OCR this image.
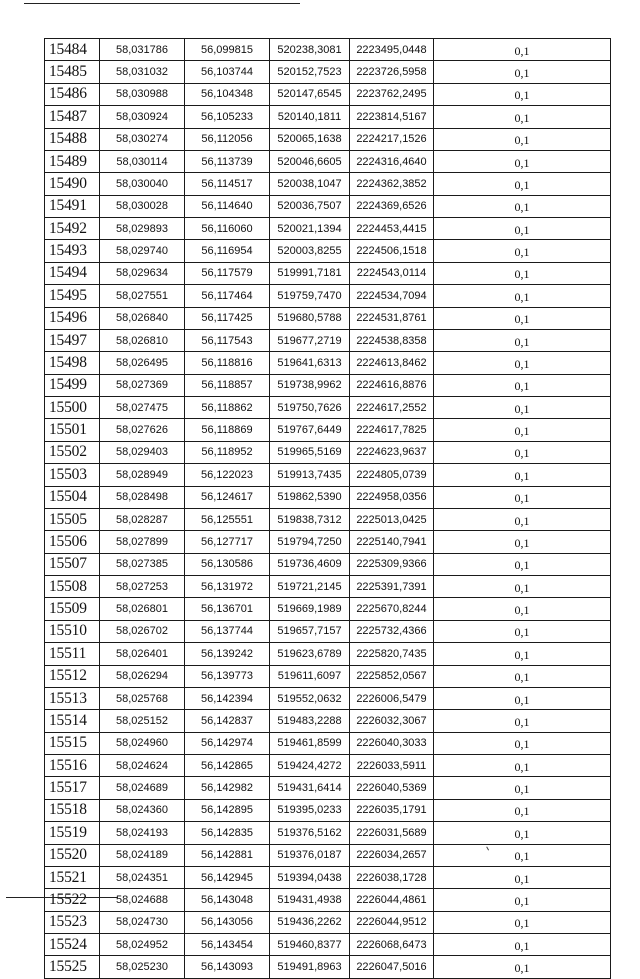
15484	58,031786	56,099815	520238,3081	2223495,0448	0,1
15485	58,031032	56,103744	520152,7523	2223726,5958	0,1
15486	58,030988	56,104348	520147,6545	2223762,2495	0,1
15487	58,030924	56,105233	520140,1811	2223814,5167	0,1
15488	58,030274	56,112056	520065,1638	2224217,1526	0,1
15489	58,030114	56,113739	520046,6605	2224316,4640	0,1
15490	58,030040	56,114517	520038,1047	2224362,3852	0,1
15491	58,030028	56,114640	520036,7507	2224369,6526	0,1
15492	58,029893	56,116060	520021,1394	2224453,4415	0,1
15493	58,029740	56,116954	520003,8255	2224506,1518	0,1
15494	58,029634	56,117579	519991,7181	2224543,0114	0,1
15495	58,027551	56,117464	519759,7470	2224534,7094	0,1
15496	58,026840	56,117425	519680,5788	2224531,8761	0,1
15497	58,026810	56,117543	519677,2719	2224538,8358	0,1
15498	58,026495	56,118816	519641,6313	2224613,8462	0,1
15499	58,027369	56,118857	519738,9962	2224616,8876	0,1
15500	58,027475	56,118862	519750,7626	2224617,2552	0,1
15501	58,027626	56,118869	519767,6449	2224617,7825	0,1
15502	58,029403	56,118952	519965,5169	2224623,9637	0,1
15503	58,028949	56,122023	519913,7435	2224805,0739	0,1
15504	58,028498	56,124617	519862,5390	2224958,0356	0,1
15505	58,028287	56,125551	519838,7312	2225013,0425	0,1
15506	58,027899	56,127717	519794,7250	2225140,7941	0,1
15507	58,027385	56,130586	519736,4609	2225309,9366	0,1
15508	58,027253	56,131972	519721,2145	2225391,7391	0,1
15509	58,026801	56,136701	519669,1989	2225670,8244	0,1
15510	58,026702	56,137744	519657,7157	2225732,4366	0,1
15511	58,026401	56,139242	519623,6789	2225820,7435	0,1
15512	58,026294	56,139773	519611,6097	2225852,0567	0,1
15513	58,025768	56,142394	519552,0632	2226006,5479	0,1
15514	58,025152	56,142837	519483,2288	2226032,3067	0,1
15515	58,024960	56,142974	519461,8599	2226040,3033	0,1
15516	58,024624	56,142865	519424,4272	2226033,5911	0,1
15517	58,024689	56,142982	519431,6414	2226040,5369	0,1
15518	58,024360	56,142895	519395,0233	2226035,1791	0,1
15519	58,024193	56,142835	519376,5162	2226031,5689	0,1
15520	58,024189	56,142881	519376,0187	2226034,2657	0,1
15521	58,024351	56,142945	519394,0438	2226038,1728	0,1
15522	58,024688	56,143048	519431,4938	2226044,4861	0,1
15523	58,024730	56,143056	519436,2262	2226044,9512	0,1
15524	58,024952	56,143454	519460,8377	2226068,6473	0,1
15525	58,025230	56,143093	519491,8963	2226047,5016	0,1
